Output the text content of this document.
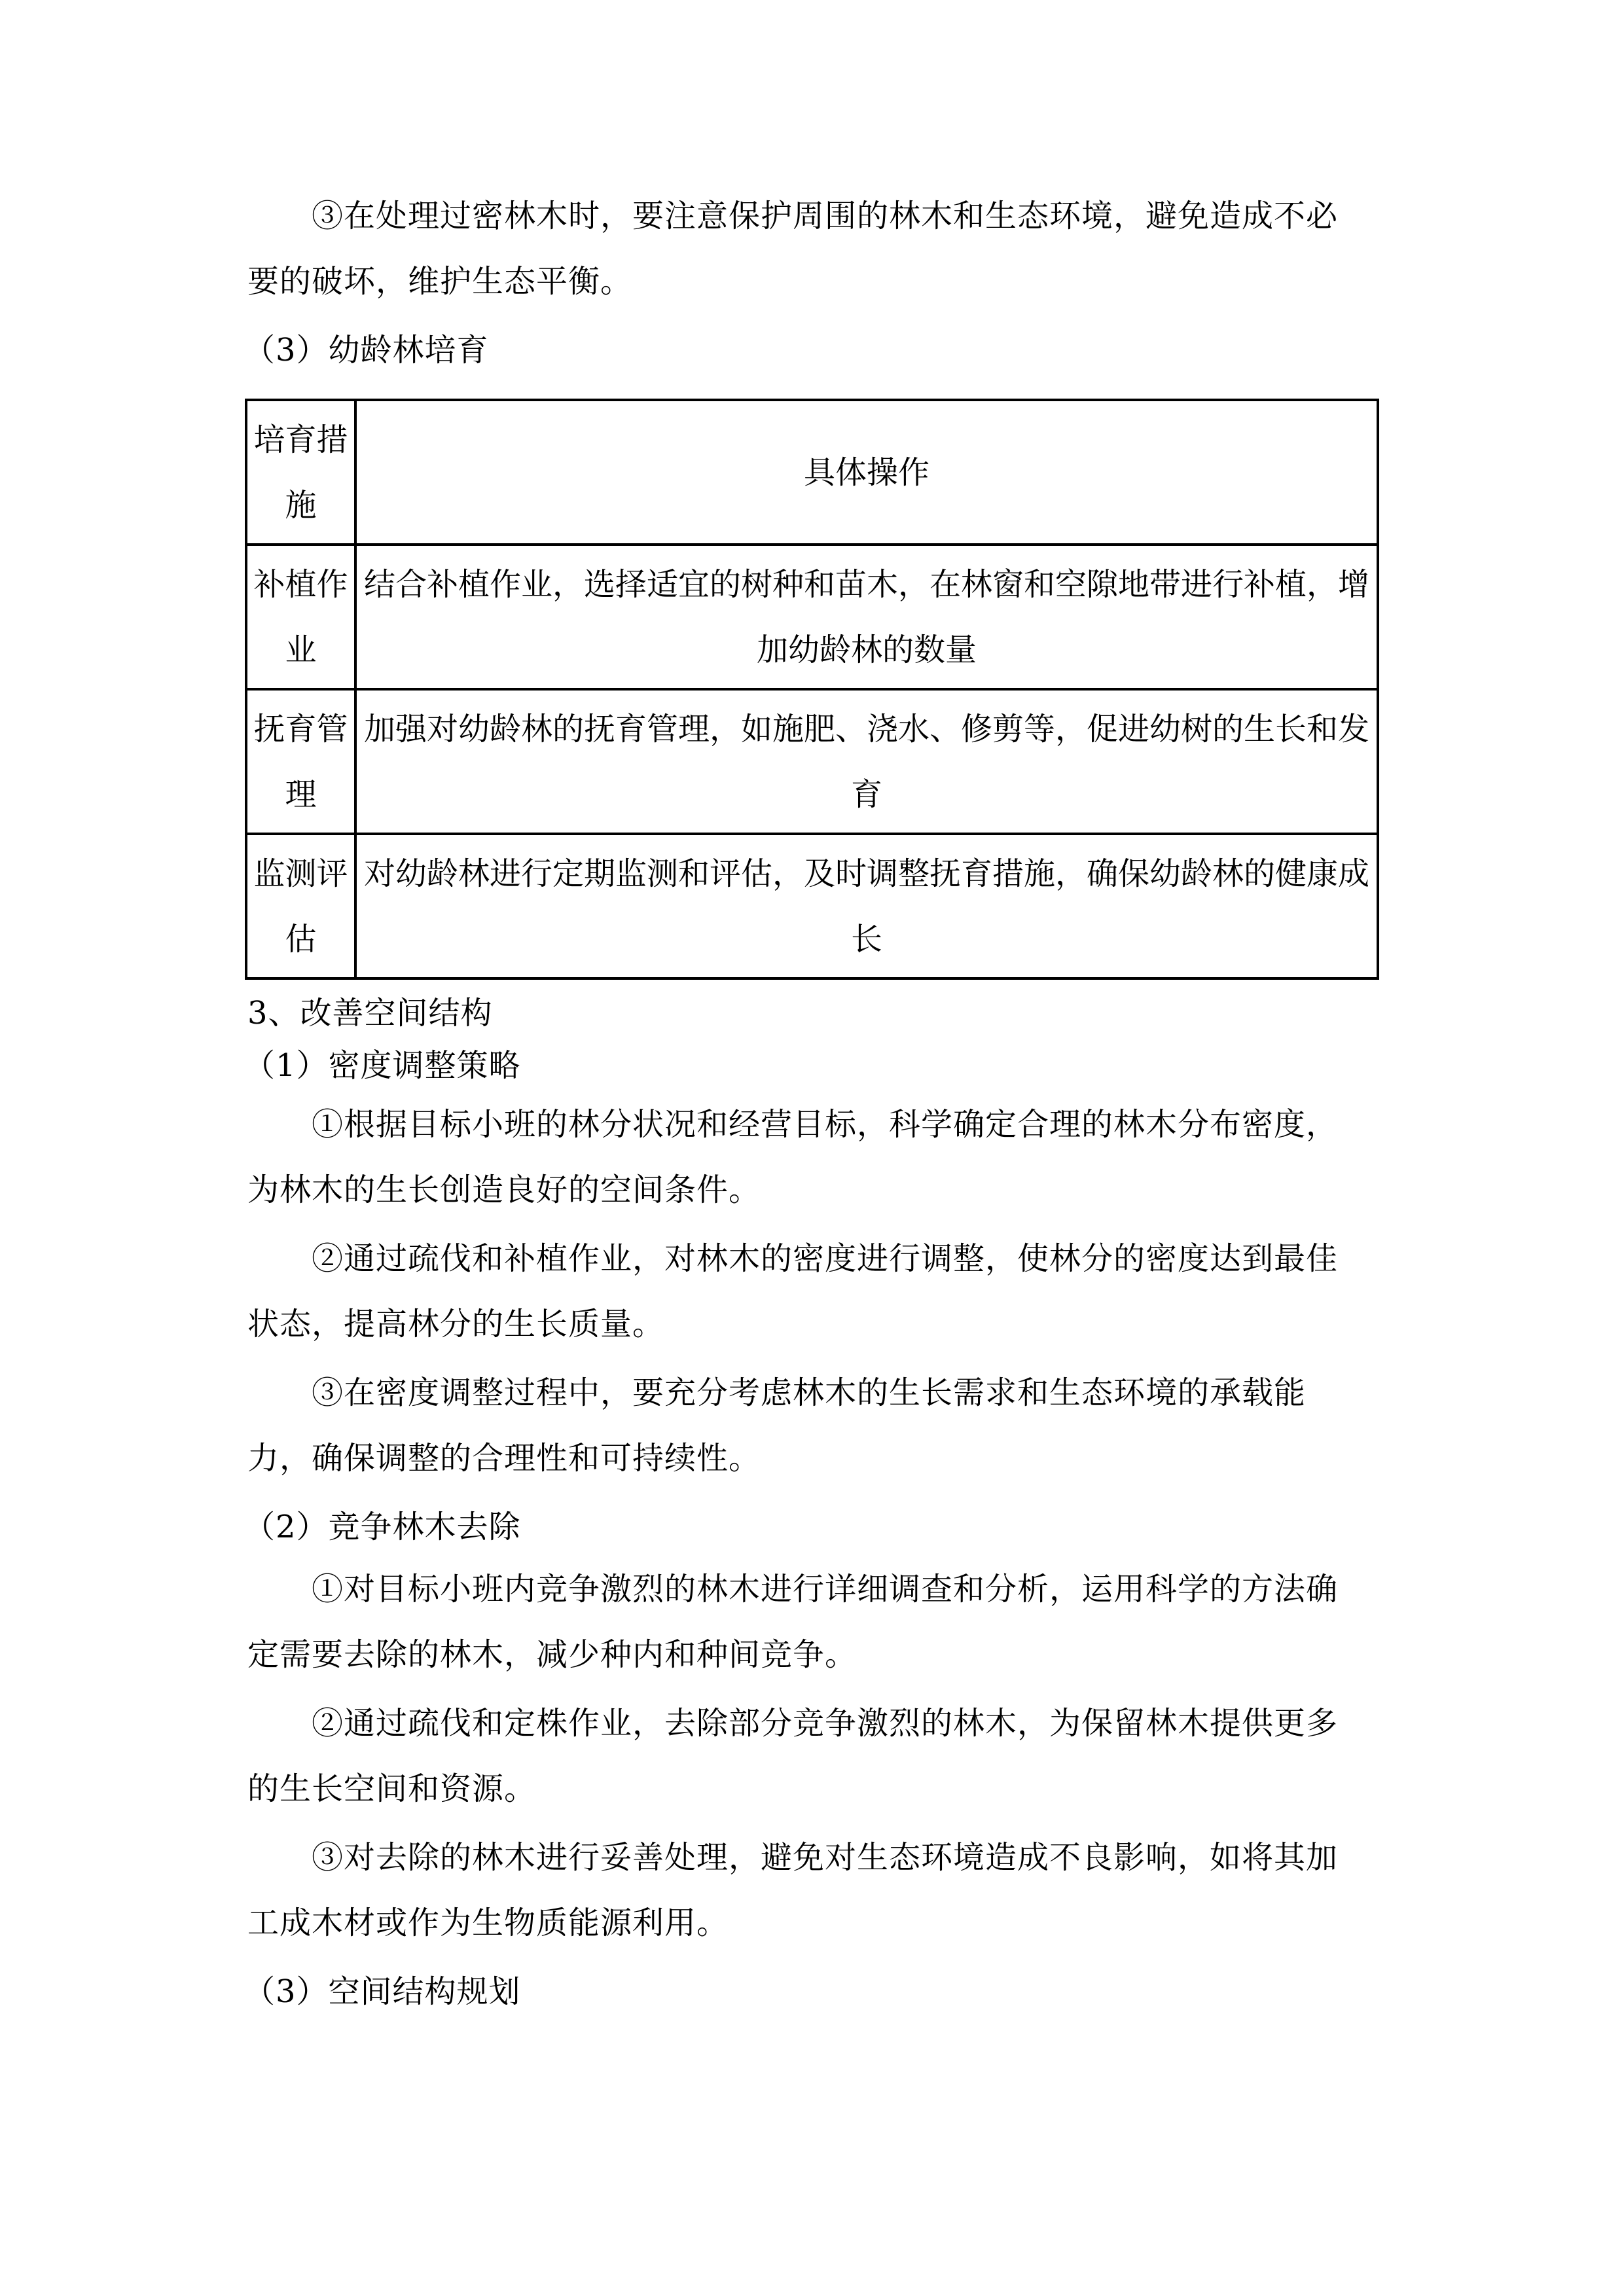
③在处理过密林木时，要注意保护周围的林木和生态环境，避免造成不必
要的破坏，维护生态平衡。
（3）幼龄林培育
培育措施	具体操作

补植作业	结合补植作业，选择适宜的树种和苗木，在林窗和空隙地带进行补植，增加幼龄林的数量

抚育管理	加强对幼龄林的抚育管理，如施肥、浇水、修剪等，促进幼树的生长和发育

监测评估	对幼龄林进行定期监测和评估，及时调整抚育措施，确保幼龄林的健康成长
3、改善空间结构
（1）密度调整策略
①根据目标小班的林分状况和经营目标，科学确定合理的林木分布密度，
为林木的生长创造良好的空间条件。
②通过疏伐和补植作业，对林木的密度进行调整，使林分的密度达到最佳
状态，提高林分的生长质量。
③在密度调整过程中，要充分考虑林木的生长需求和生态环境的承载能
力，确保调整的合理性和可持续性。
（2）竞争林木去除
①对目标小班内竞争激烈的林木进行详细调查和分析，运用科学的方法确
定需要去除的林木，减少种内和种间竞争。
②通过疏伐和定株作业，去除部分竞争激烈的林木，为保留林木提供更多
的生长空间和资源。
③对去除的林木进行妥善处理，避免对生态环境造成不良影响，如将其加
工成木材或作为生物质能源利用。
（3）空间结构规划
